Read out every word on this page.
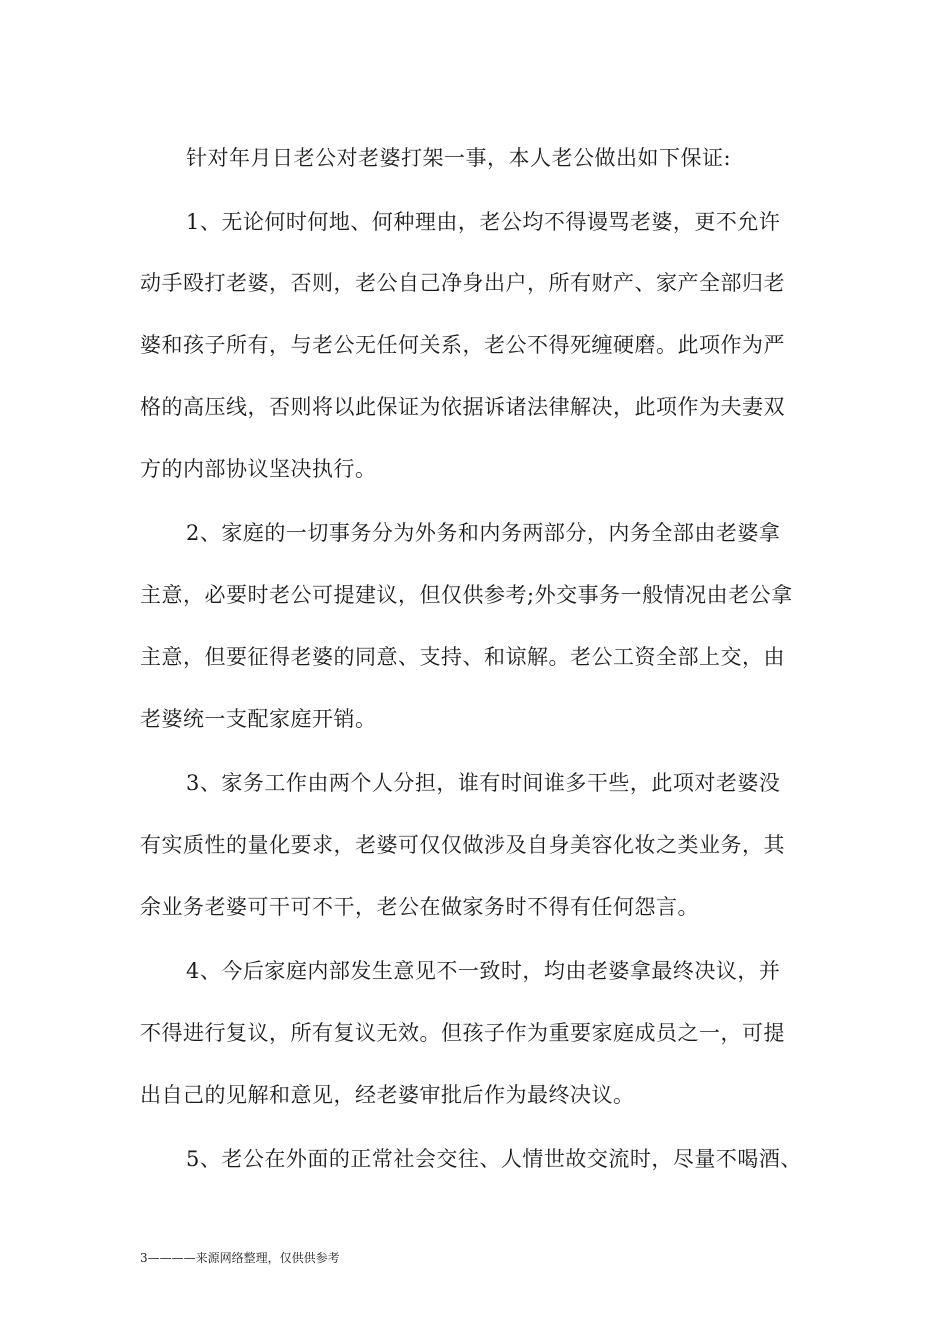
针对年月日老公对老婆打架一事，本人老公做出如下保证:
1、无论何时何地、何种理由，老公均不得谩骂老婆，更不允许
动手殴打老婆，否则，老公自己净身出户，所有财产、家产全部归老
婆和孩子所有，与老公无任何关系，老公不得死缠硬磨。此项作为严
格的高压线，否则将以此保证为依据诉诸法律解决，此项作为夫妻双
方的内部协议坚决执行。
2、家庭的一切事务分为外务和内务两部分，内务全部由老婆拿
主意，必要时老公可提建议，但仅供参考;外交事务一般情况由老公拿
主意，但要征得老婆的同意、支持、和谅解。老公工资全部上交，由
老婆统一支配家庭开销。
3、家务工作由两个人分担，谁有时间谁多干些，此项对老婆没
有实质性的量化要求，老婆可仅仅做涉及自身美容化妆之类业务，其
余业务老婆可干可不干，老公在做家务时不得有任何怨言。
4、今后家庭内部发生意见不一致时，均由老婆拿最终决议，并
不得进行复议，所有复议无效。但孩子作为重要家庭成员之一，可提
出自己的见解和意见，经老婆审批后作为最终决议。
5、老公在外面的正常社会交往、人情世故交流时，尽量不喝酒、
3————来源网络整理，仅供供参考
